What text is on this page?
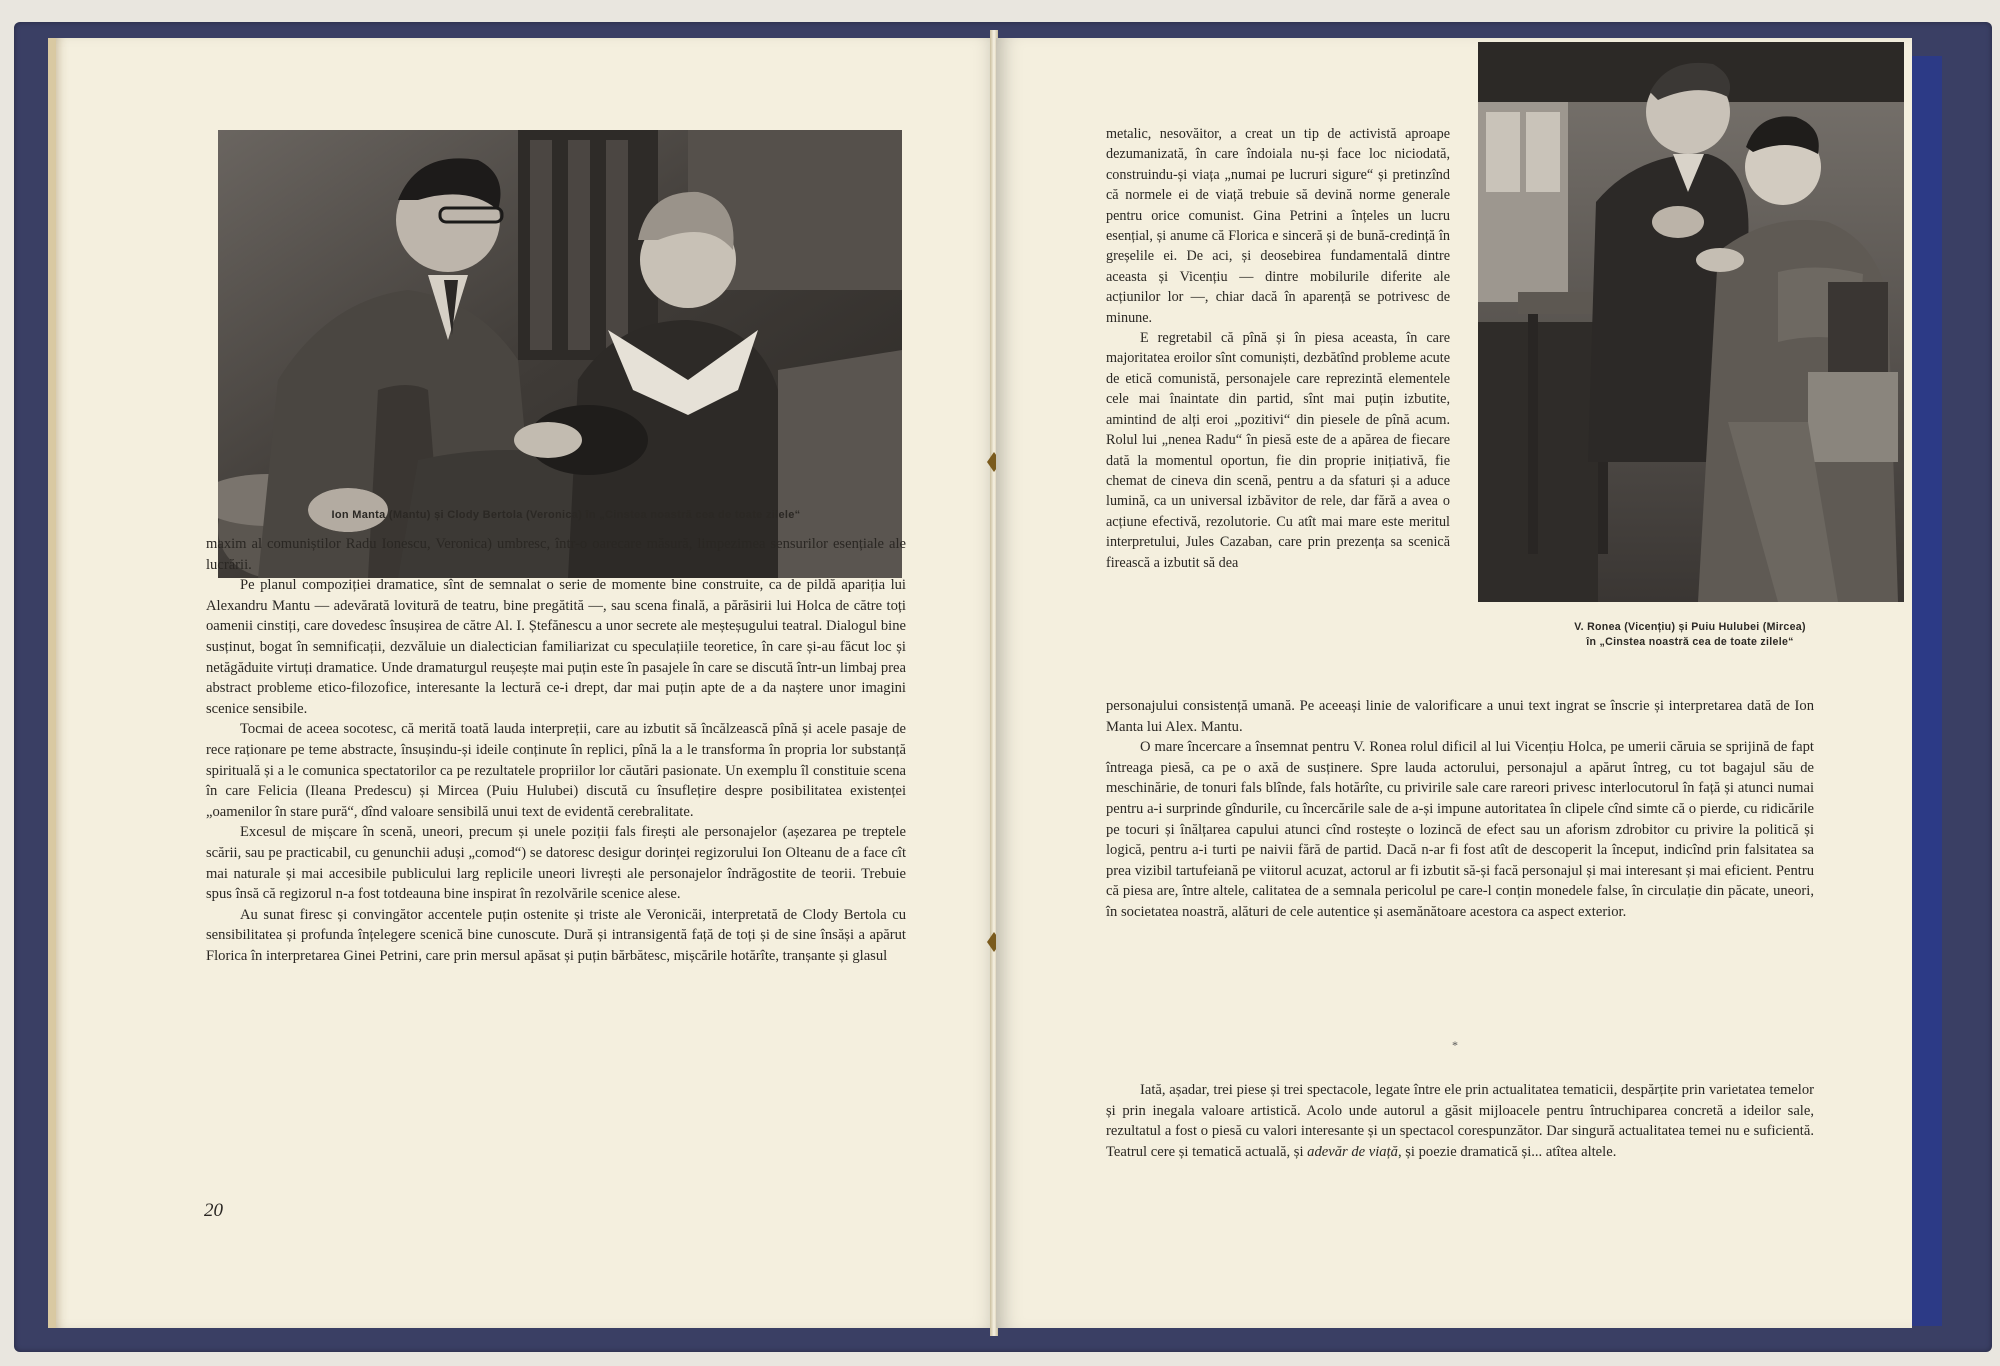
Ion Manta (Mantu) și Clody Bertola (Veronica) în „Cinstea noastră cea de toate zilele“

maxim al comuniștilor Radu Ionescu, Veronica) umbresc, într-o oarecare măsură, limpezimea sensurilor esențiale ale lucrării.

Pe planul compoziției dramatice, sînt de semnalat o serie de momente bine construite, ca de pildă apariția lui Alexandru Mantu — adevărată lovitură de teatru, bine pregătită —, sau scena finală, a părăsirii lui Holca de către toți oamenii cinstiți, care dovedesc însușirea de către Al. I. Ștefănescu a unor secrete ale meșteșugului teatral. Dialogul bine susținut, bogat în semnificații, dezvăluie un dialectician familiarizat cu speculațiile teoretice, în care și-au făcut loc și netăgăduite virtuți dramatice. Unde dramaturgul reușește mai puțin este în pasajele în care se discută într-un limbaj prea abstract probleme etico-filozofice, interesante la lectură ce-i drept, dar mai puțin apte de a da naștere unor imagini scenice sensibile.

Tocmai de aceea socotesc, că merită toată lauda interpreții, care au izbutit să încălzească pînă și acele pasaje de rece raționare pe teme abstracte, însușindu-și ideile conținute în replici, pînă la a le transforma în propria lor substanță spirituală și a le comunica spectatorilor ca pe rezultatele propriilor lor căutări pasionate. Un exemplu îl constituie scena în care Felicia (Ileana Predescu) și Mircea (Puiu Hulubei) discută cu însuflețire despre posibilitatea existenței „oamenilor în stare pură“, dînd valoare sensibilă unui text de evidentă cerebralitate.

Excesul de mișcare în scenă, uneori, precum și unele poziții fals firești ale personajelor (așezarea pe treptele scării, sau pe practicabil, cu genunchii aduși „comod“) se datoresc desigur dorinței regizorului Ion Olteanu de a face cît mai naturale și mai accesibile publicului larg replicile uneori livrești ale personajelor îndrăgostite de teorii. Trebuie spus însă că regizorul n-a fost totdeauna bine inspirat în rezolvările scenice alese.

Au sunat firesc și convingător accentele puțin ostenite și triste ale Veronicăi, interpretată de Clody Bertola cu sensibilitatea și profunda înțelegere scenică bine cunoscute. Dură și intransigentă față de toți și de sine însăși a apărut Florica în interpretarea Ginei Petrini, care prin mersul apăsat și puțin bărbătesc, mișcările hotărîte, tranșante și glasul

20

metalic, nesovăitor, a creat un tip de activistă aproape dezumanizată, în care îndoiala nu-și face loc niciodată, construindu-și viața „numai pe lucruri sigure“ și pretinzînd că normele ei de viață trebuie să devină norme generale pentru orice comunist. Gina Petrini a înțeles un lucru esențial, și anume că Florica e sinceră și de bună-credință în greșelile ei. De aci, și deosebirea fundamentală dintre aceasta și Vicențiu — dintre mobilurile diferite ale acțiunilor lor —, chiar dacă în aparență se potrivesc de minune.

E regretabil că pînă și în piesa aceasta, în care majoritatea eroilor sînt comuniști, dezbătînd probleme acute de etică comunistă, personajele care reprezintă elementele cele mai înaintate din partid, sînt mai puțin izbutite, amintind de alți eroi „pozitivi“ din piesele de pînă acum. Rolul lui „nenea Radu“ în piesă este de a apărea de fiecare dată la momentul oportun, fie din proprie inițiativă, fie chemat de cineva din scenă, pentru a da sfaturi și a aduce lumină, ca un universal izbăvitor de rele, dar fără a avea o acțiune efectivă, rezolutorie. Cu atît mai mare este meritul interpretului, Jules Cazaban, care prin prezența sa scenică firească a izbutit să dea

V. Ronea (Vicențiu) și Puiu Hulubei (Mircea)
în „Cinstea noastră cea de toate zilele“

personajului consistență umană. Pe aceeași linie de valorificare a unui text ingrat se înscrie și interpretarea dată de Ion Manta lui Alex. Mantu.

O mare încercare a însemnat pentru V. Ronea rolul dificil al lui Vicențiu Holca, pe umerii căruia se sprijină de fapt întreaga piesă, ca pe o axă de susținere. Spre lauda actorului, personajul a apărut întreg, cu tot bagajul său de meschinărie, de tonuri fals blînde, fals hotărîte, cu privirile sale care rareori privesc interlocutorul în față și atunci numai pentru a-i surprinde gîndurile, cu încercările sale de a-și impune autoritatea în clipele cînd simte că o pierde, cu ridicările pe tocuri și înălțarea capului atunci cînd rostește o lozincă de efect sau un aforism zdrobitor cu privire la politică și logică, pentru a-i turti pe naivii fără de partid. Dacă n-ar fi fost atît de descoperit la început, indicînd prin falsitatea sa prea vizibil tartufeiană pe viitorul acuzat, actorul ar fi izbutit să-și facă personajul și mai interesant și mai eficient. Pentru că piesa are, între altele, calitatea de a semnala pericolul pe care-l conțin monedele false, în circulație din păcate, uneori, în societatea noastră, alături de cele autentice și asemănătoare acestora ca aspect exterior.

*

Iată, așadar, trei piese și trei spectacole, legate între ele prin actualitatea tematicii, despărțite prin varietatea temelor și prin inegala valoare artistică. Acolo unde autorul a găsit mijloacele pentru întruchiparea concretă a ideilor sale, rezultatul a fost o piesă cu valori interesante și un spectacol corespunzător. Dar singură actualitatea temei nu e suficientă. Teatrul cere și tematică actuală, și adevăr de viață, și poezie dramatică și... atîtea altele.
